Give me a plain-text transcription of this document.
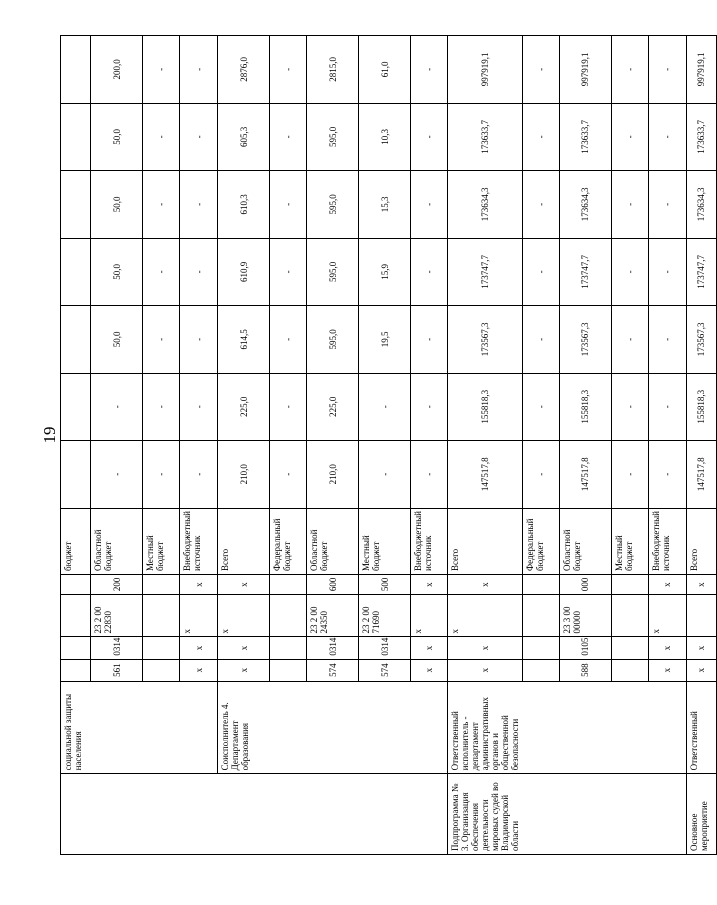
19
	социальной защиты населения					бюджет							
		561	0314	23 2 00 22830	200	Областной бюджет	-	-	50,0	50,0	50,0	50,0	200,0
						Местный бюджет	-	-	-	-	-	-	-
		x	x	x	x	Внебюджетный источник	-	-	-	-	-	-	-
	Соисполнитель 4. Департамент образования	x	x	x	x	Всего	210,0	225,0	614,5	610,9	610,3	605,3	2876,0
						Федеральный бюджет	-	-	-	-	-	-	-
		574	0314	23 2 00 24350	600	Областной бюджет	210,0	225,0	595,0	595,0	595,0	595,0	2815,0
		574	0314	23 2 00 71690	500	Местный бюджет	-	-	19,5	15,9	15,3	10,3	61,0
		x	x	x	x	Внебюджетный источник	-	-	-	-	-	-	-
Подпрограмма № 3. Организация обеспечения деятельности мировых судей во Владимирской области	Ответственный исполнитель - департамент административных органов и общественной безопасности	x	x	x	x	Всего	147517,8	155818,3	173567,3	173747,7	173634,3	173633,7	997919,1
						Федеральный бюджет	-	-	-	-	-	-	-
		588	0105	23 3 00 00000	000	Областной бюджет	147517,8	155818,3	173567,3	173747,7	173634,3	173633,7	997919,1
						Местный бюджет	-	-	-	-	-	-	-
		x	x	x	x	Внебюджетный источник	-	-	-	-	-	-	-
Основное мероприятие	Ответственный	x	x		x	Всего	147517,8	155818,3	173567,3	173747,7	173634,3	173633,7	997919,1
